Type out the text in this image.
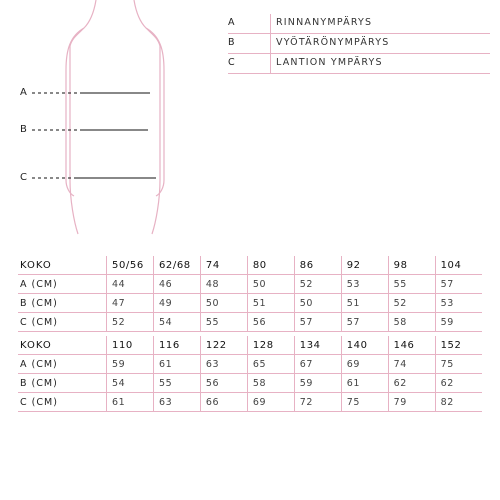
A
B
C
A	RINNANYMPÄRYS
B	VYÖTÄRÖNYMPÄRYS
C	LANTION YMPÄRYS
KOKO	50/56	62/68	74	80	86	92	98	104
A (CM)	44	46	48	50	52	53	55	57
B (CM)	47	49	50	51	50	51	52	53
C (CM)	52	54	55	56	57	57	58	59
KOKO	110	116	122	128	134	140	146	152
A (CM)	59	61	63	65	67	69	74	75
B (CM)	54	55	56	58	59	61	62	62
C (CM)	61	63	66	69	72	75	79	82
